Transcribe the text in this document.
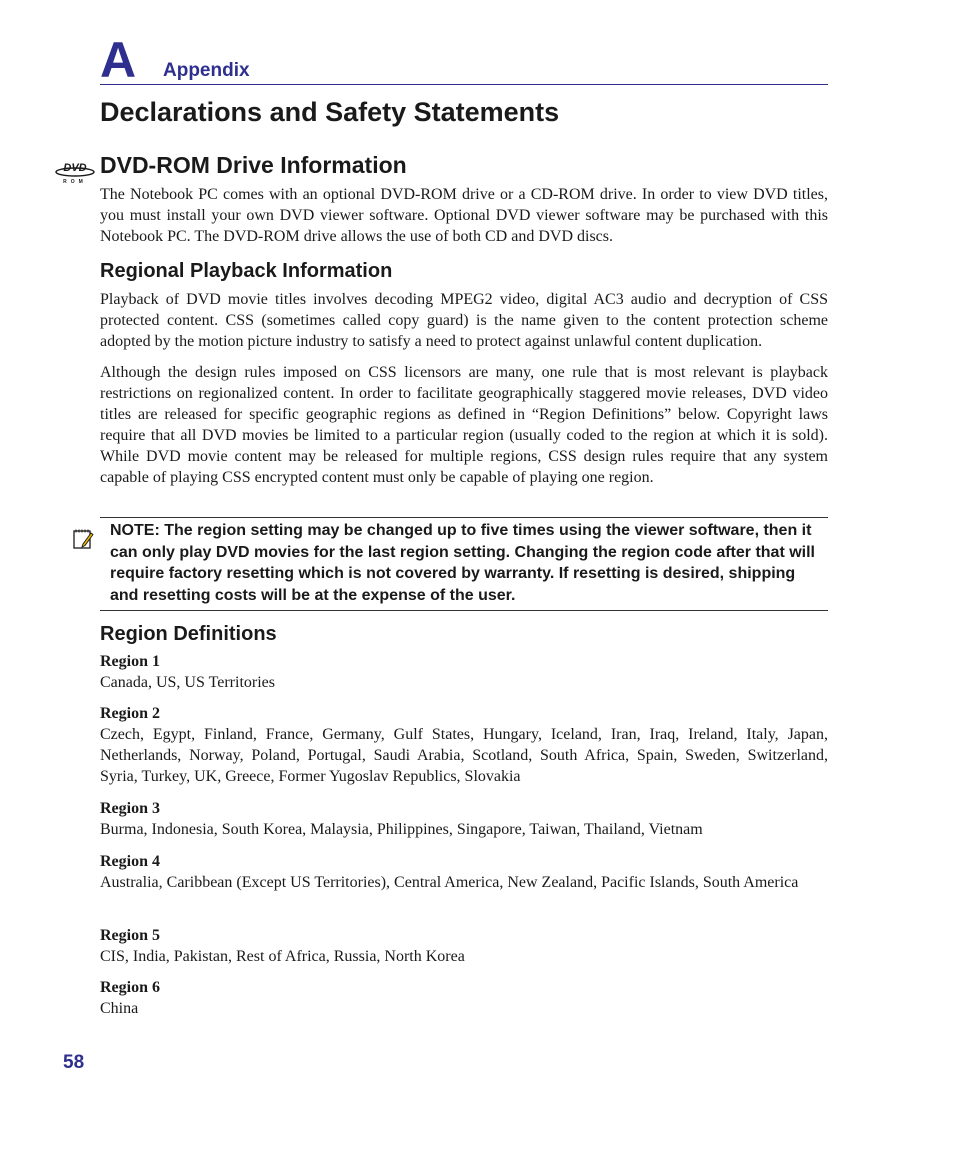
A Appendix
Declarations and Safety Statements
DVD
ROM
DVD-ROM Drive Information

The Notebook PC comes with an optional DVD-ROM drive or a CD-ROM drive. In order to view DVD titles, you must install your own DVD viewer software. Optional DVD viewer software may be purchased with this Notebook PC. The DVD-ROM drive allows the use of both CD and DVD discs.

Regional Playback Information

Playback of DVD movie titles involves decoding MPEG2 video, digital AC3 audio and decryption of CSS protected content. CSS (sometimes called copy guard) is the name given to the content protection scheme adopted by the motion picture industry to satisfy a need to protect against unlawful content duplication.

Although the design rules imposed on CSS licensors are many, one rule that is most relevant is playback restrictions on regionalized content. In order to facilitate geographically staggered movie releases, DVD video titles are released for specific geographic regions as defined in “Region Definitions” below. Copyright laws require that all DVD movies be limited to a particular region (usually coded to the region at which it is sold). While DVD movie content may be released for multiple regions, CSS design rules require that any system capable of playing CSS encrypted content must only be capable of playing one region.

NOTE: The region setting may be changed up to five times using the viewer software, then it can only play DVD movies for the last region setting. Changing the region code after that will require factory resetting which is not covered by warranty. If resetting is desired, shipping and resetting costs will be at the expense of the user.

Region Definitions

Region 1

Canada, US, US Territories

Region 2

Czech, Egypt, Finland, France, Germany, Gulf States, Hungary, Iceland, Iran, Iraq, Ireland, Italy, Japan, Netherlands, Norway, Poland, Portugal, Saudi Arabia, Scotland, South Africa, Spain, Sweden, Switzerland, Syria, Turkey, UK, Greece, Former Yugoslav Republics, Slovakia

Region 3

Burma, Indonesia, South Korea, Malaysia, Philippines, Singapore, Taiwan, Thailand, Vietnam

Region 4

Australia, Caribbean (Except US Territories), Central America, New Zealand, Pacific Islands, South America

Region 5

CIS, India, Pakistan, Rest of Africa, Russia, North Korea

Region 6

China

58
